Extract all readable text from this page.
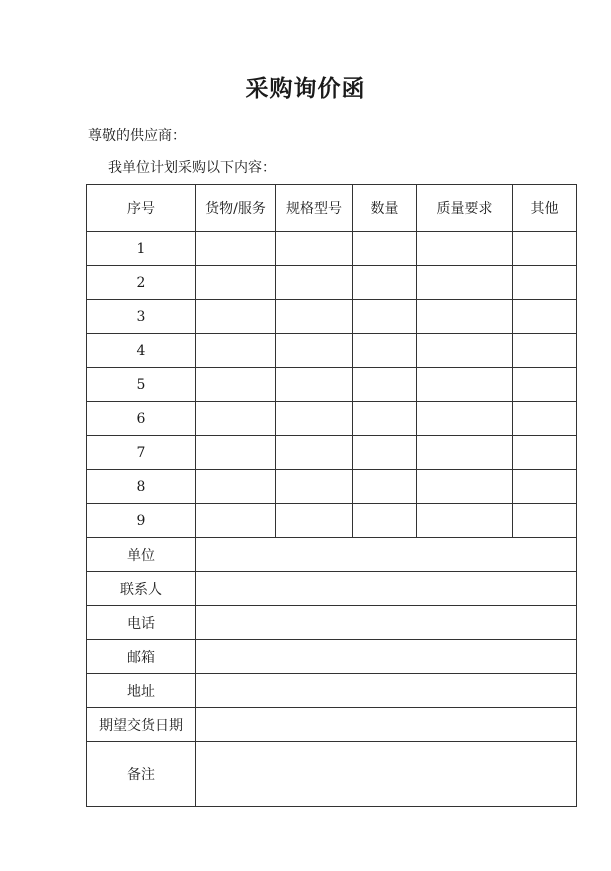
采购询价函
尊敬的供应商：
我单位计划采购以下内容：
序号	货物/服务	规格型号	数量	质量要求	其他
1					
2					
3					
4					
5					
6					
7					
8					
9					
单位					
联系人					
电话					
邮箱					
地址					
期望交货日期					
备注					
